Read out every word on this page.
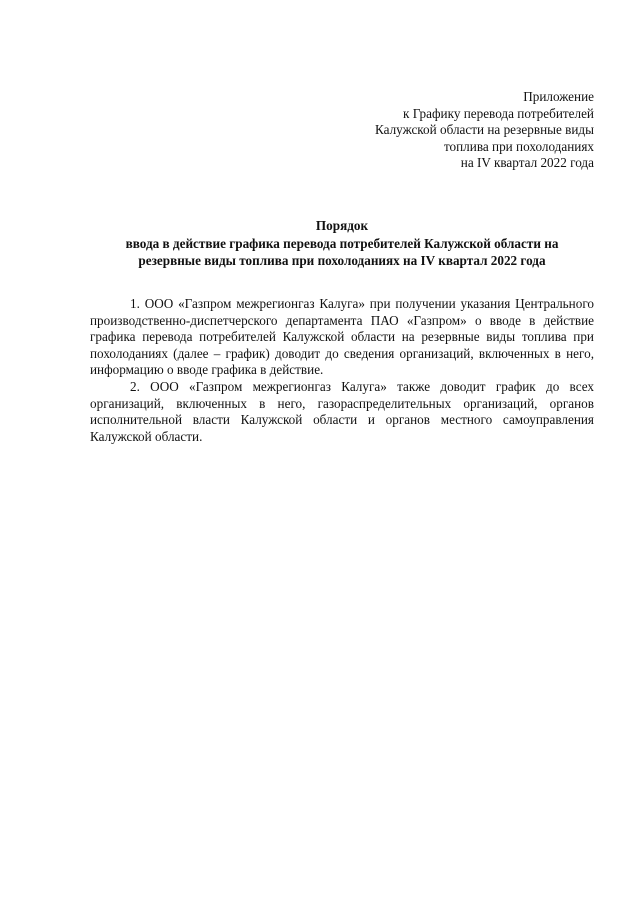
Приложение
к Графику перевода потребителей
Калужской области на резервные виды
топлива при похолоданиях
на IV квартал 2022 года
Порядок
ввода в действие графика перевода потребителей Калужской области на
резервные виды топлива при похолоданиях на IV квартал 2022 года

1. ООО «Газпром межрегионгаз Калуга» при получении указания Центрального производственно-диспетчерского департамента ПАО «Газпром» о вводе в действие графика перевода потребителей Калужской области на резервные виды топлива при похолоданиях (далее – график) доводит до сведения организаций, включенных в него, информацию о вводе графика в действие.

2. ООО «Газпром межрегионгаз Калуга» также доводит график до всех организаций, включенных в него, газораспределительных организаций, органов исполнительной власти Калужской области и органов местного самоуправления Калужской области.
